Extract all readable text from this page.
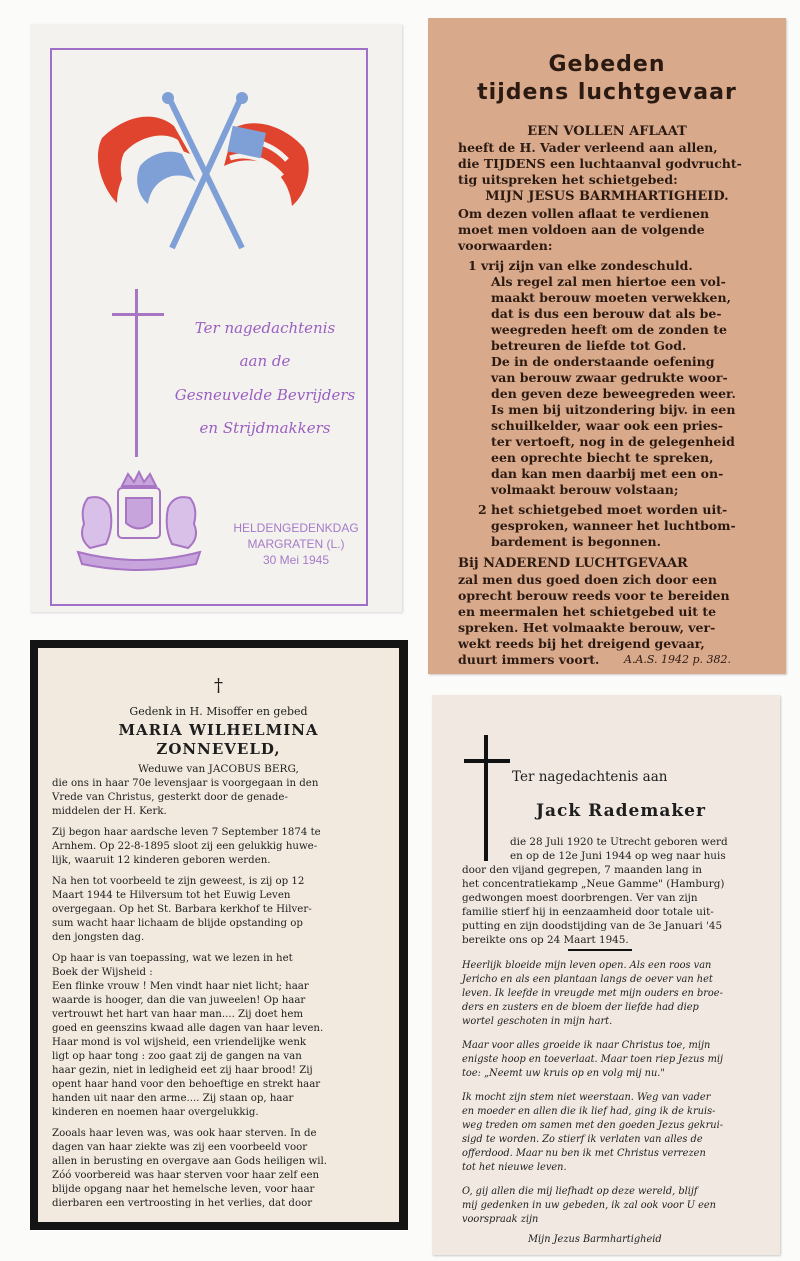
Ter nagedachtenis
aan de
Gesneuvelde Bevrijders
en Strijdmakkers
HELDENGEDENKDAG
MARGRATEN (L.)
30 Mei 1945
Gebeden
tijdens luchtgevaar
EEN VOLLEN AFLAAT
heeft de H. Vader verleend aan allen,
die TIJDENS een luchtaanval godvrucht-
tig uitspreken het schietgebed:
MIJN JESUS BARMHARTIGHEID.
Om dezen vollen aflaat te verdienen
moet men voldoen aan de volgende
voorwaarden:
1 vrij zijn van elke zondeschuld.
Als regel zal men hiertoe een vol-
maakt berouw moeten verwekken,
dat is dus een berouw dat als be-
weegreden heeft om de zonden te
betreuren de liefde tot God.
De in de onderstaande oefening
van berouw zwaar gedrukte woor-
den geven deze beweegreden weer.
Is men bij uitzondering bijv. in een
schuilkelder, waar ook een pries-
ter vertoeft, nog in de gelegenheid
een oprechte biecht te spreken,
dan kan men daarbij met een on-
volmaakt berouw volstaan;
2 het schietgebed moet worden uit-
gesproken, wanneer het luchtbom-
bardement is begonnen.
Bij NADEREND LUCHTGEVAAR
zal men dus goed doen zich door een
oprecht berouw reeds voor te bereiden
en meermalen het schietgebed uit te
spreken. Het volmaakte berouw, ver-
wekt reeds bij het dreigend gevaar,
duurt immers voort. A.A.S. 1942 p. 382.
†
Gedenk in H. Misoffer en gebed
MARIA WILHELMINA
ZONNEVELD,
Weduwe van JACOBUS BERG,
die ons in haar 70e levensjaar is voorgegaan in den
Vrede van Christus, gesterkt door de genade-
middelen der H. Kerk.
Zij begon haar aardsche leven 7 September 1874 te
Arnhem. Op 22-8-1895 sloot zij een gelukkig huwe-
lijk, waaruit 12 kinderen geboren werden.
Na hen tot voorbeeld te zijn geweest, is zij op 12
Maart 1944 te Hilversum tot het Euwig Leven
overgegaan. Op het St. Barbara kerkhof te Hilver-
sum wacht haar lichaam de blijde opstanding op
den jongsten dag.
Op haar is van toepassing, wat we lezen in het
Boek der Wijsheid :
Een flinke vrouw ! Men vindt haar niet licht; haar
waarde is hooger, dan die van juweelen! Op haar
vertrouwt het hart van haar man.... Zij doet hem
goed en geenszins kwaad alle dagen van haar leven.
Haar mond is vol wijsheid, een vriendelijke wenk
ligt op haar tong : zoo gaat zij de gangen na van
haar gezin, niet in ledigheid eet zij haar brood! Zij
opent haar hand voor den behoeftige en strekt haar
handen uit naar den arme.... Zij staan op, haar
kinderen en noemen haar overgelukkig.
Zooals haar leven was, was ook haar sterven. In de
dagen van haar ziekte was zij een voorbeeld voor
allen in berusting en overgave aan Gods heiligen wil.
Zóó voorbereid was haar sterven voor haar zelf een
blijde opgang naar het hemelsche leven, voor haar
dierbaren een vertroosting in het verlies, dat door
Ter nagedachtenis aan
Jack Rademaker
die 28 Juli 1920 te Utrecht geboren werd
en op de 12e Juni 1944 op weg naar huis
door den vijand gegrepen, 7 maanden lang in
het concentratiekamp „Neue Gamme" (Hamburg)
gedwongen moest doorbrengen. Ver van zijn
familie stierf hij in eenzaamheid door totale uit-
putting en zijn doodstijding van de 3e Januari '45
bereikte ons op 24 Maart 1945.
Heerlijk bloeide mijn leven open. Als een roos van
Jericho en als een plantaan langs de oever van het
leven. Ik leefde in vreugde met mijn ouders en broe-
ders en zusters en de bloem der liefde had diep
wortel geschoten in mijn hart.
Maar voor alles groeide ik naar Christus toe, mijn
enigste hoop en toeverlaat. Maar toen riep Jezus mij
toe: „Neemt uw kruis op en volg mij nu."
Ik mocht zijn stem niet weerstaan. Weg van vader
en moeder en allen die ik lief had, ging ik de kruis-
weg treden om samen met den goeden Jezus gekrui-
sigd te worden. Zo stierf ik verlaten van alles de
offerdood. Maar nu ben ik met Christus verrezen
tot het nieuwe leven.
O, gij allen die mij liefhadt op deze wereld, blijf
mij gedenken in uw gebeden, ik zal ook voor U een
voorspraak zijn
Mijn Jezus Barmhartigheid
